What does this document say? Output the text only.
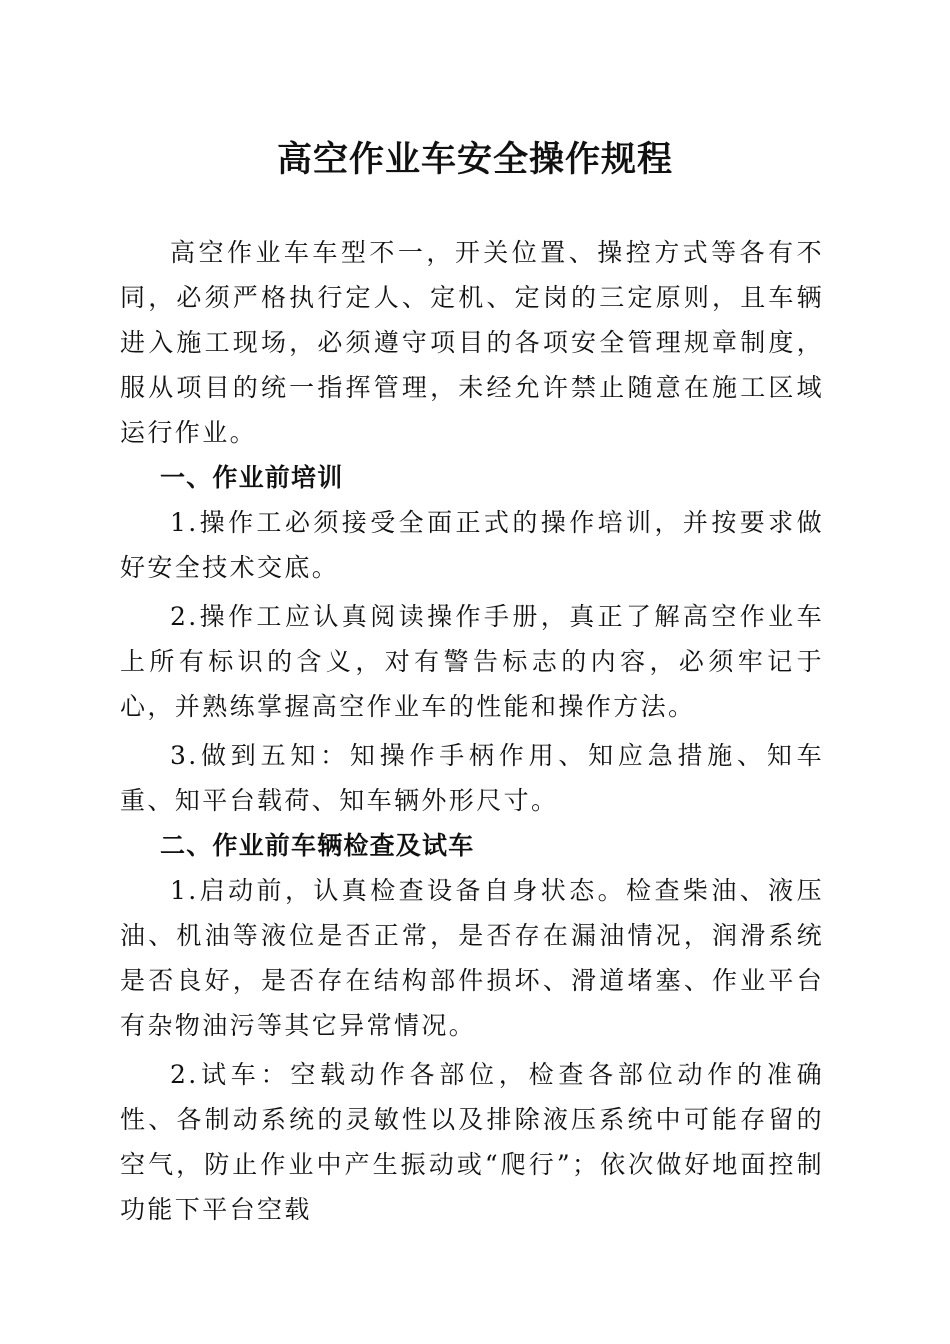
高空作业车安全操作规程

高空作业车车型不一，开关位置、操控方式等各有不同，必须严格执行定人、定机、定岗的三定原则，且车辆进入施工现场，必须遵守项目的各项安全管理规章制度，服从项目的统一指挥管理，未经允许禁止随意在施工区域运行作业。

一、作业前培训

1.操作工必须接受全面正式的操作培训，并按要求做好安全技术交底。

2.操作工应认真阅读操作手册，真正了解高空作业车上所有标识的含义，对有警告标志的内容，必须牢记于心，并熟练掌握高空作业车的性能和操作方法。

3.做到五知：知操作手柄作用、知应急措施、知车重、知平台载荷、知车辆外形尺寸。

二、作业前车辆检查及试车

1.启动前，认真检查设备自身状态。检查柴油、液压油、机油等液位是否正常，是否存在漏油情况，润滑系统是否良好，是否存在结构部件损坏、滑道堵塞、作业平台有杂物油污等其它异常情况。

2.试车：空载动作各部位，检查各部位动作的准确性、各制动系统的灵敏性以及排除液压系统中可能存留的空气，防止作业中产生振动或“爬行”；依次做好地面控制功能下平台空载
